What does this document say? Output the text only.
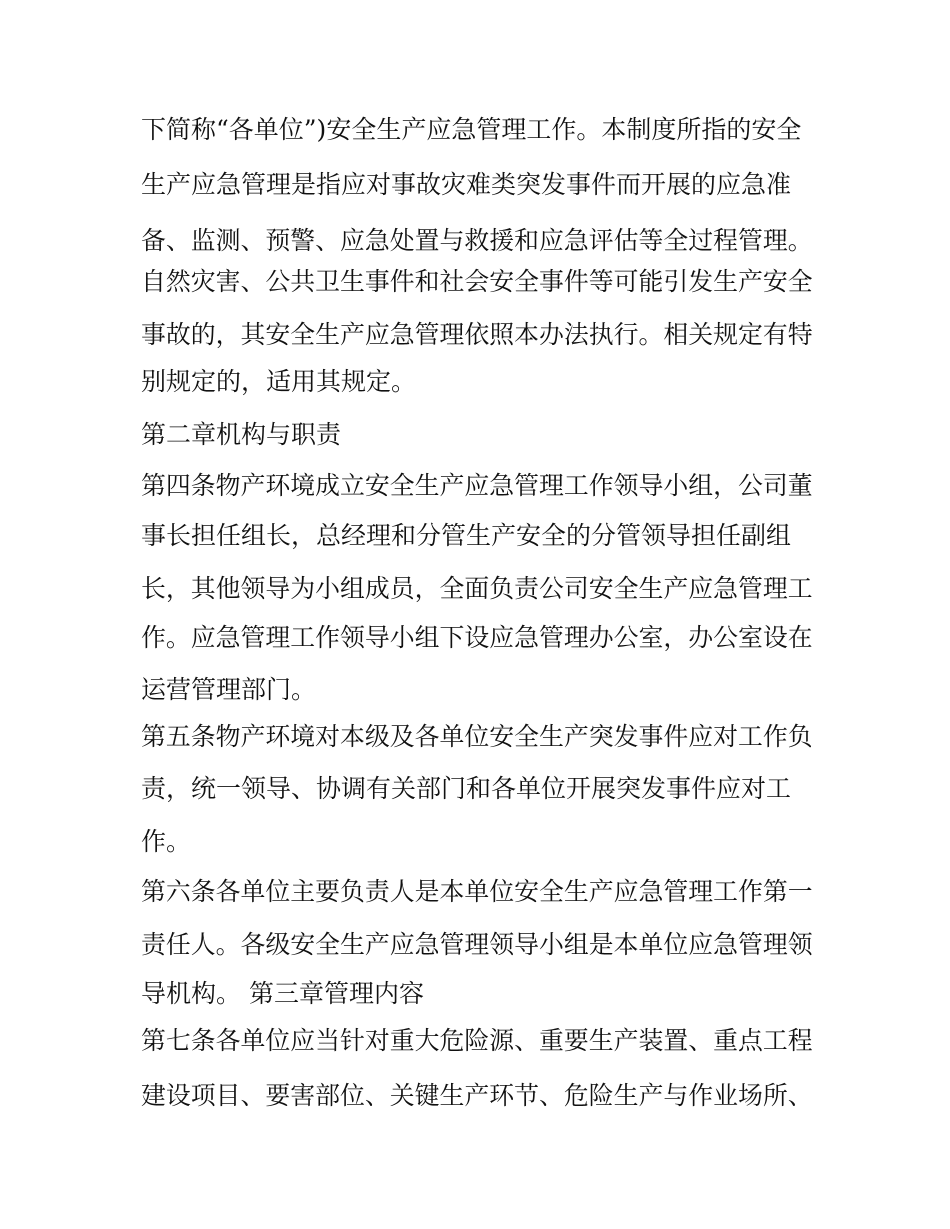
下简称“各单位”)安全生产应急管理工作。本制度所指的安全

生产应急管理是指应对事故灾难类突发事件而开展的应急准

备、监测、预警、应急处置与救援和应急评估等全过程管理。

自然灾害、公共卫生事件和社会安全事件等可能引发生产安全

事故的，其安全生产应急管理依照本办法执行。相关规定有特

别规定的，适用其规定。

第二章机构与职责

第四条物产环境成立安全生产应急管理工作领导小组，公司董

事长担任组长，总经理和分管生产安全的分管领导担任副组

长，其他领导为小组成员，全面负责公司安全生产应急管理工

作。应急管理工作领导小组下设应急管理办公室，办公室设在

运营管理部门。

第五条物产环境对本级及各单位安全生产突发事件应对工作负

责，统一领导、协调有关部门和各单位开展突发事件应对工

作。

第六条各单位主要负责人是本单位安全生产应急管理工作第一

责任人。各级安全生产应急管理领导小组是本单位应急管理领

导机构。 第三章管理内容

第七条各单位应当针对重大危险源、重要生产装置、重点工程

建设项目、要害部位、关键生产环节、危险生产与作业场所、
